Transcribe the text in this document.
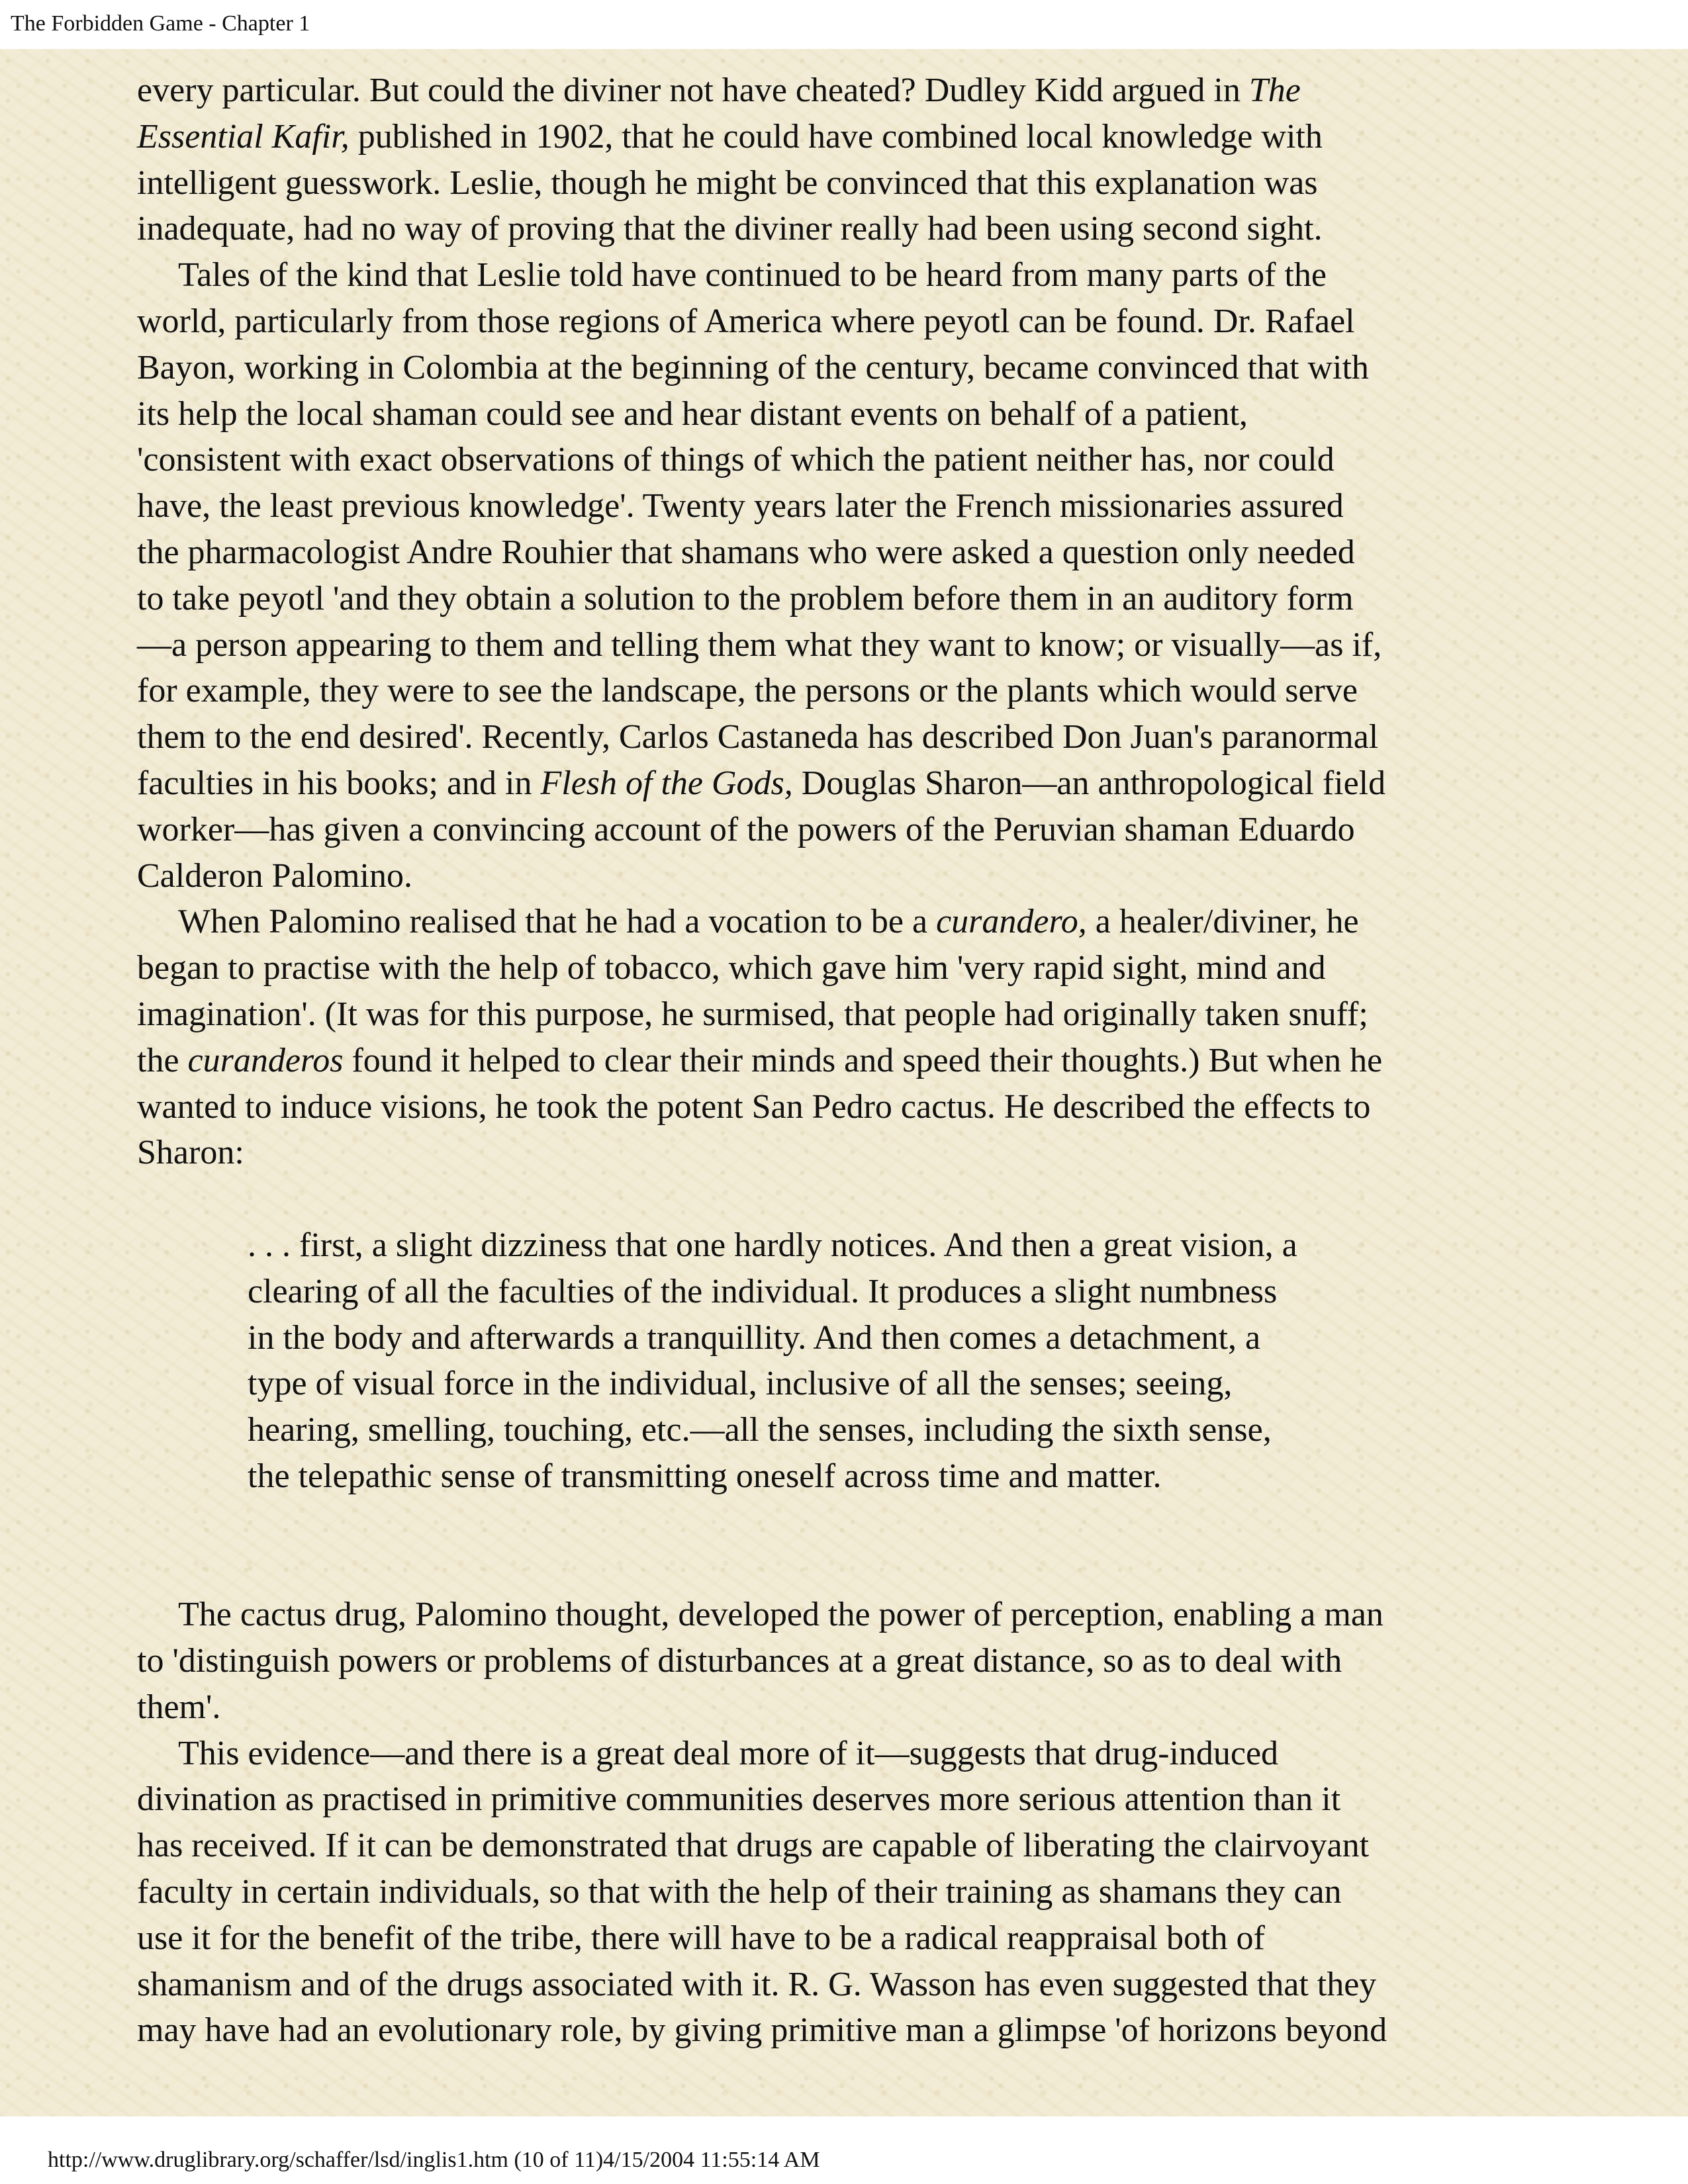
The Forbidden Game - Chapter 1
every particular. But could the diviner not have cheated? Dudley Kidd argued in The
Essential Kafir, published in 1902, that he could have combined local knowledge with
intelligent guesswork. Leslie, though he might be convinced that this explanation was
inadequate, had no way of proving that the diviner really had been using second sight.
Tales of the kind that Leslie told have continued to be heard from many parts of the
world, particularly from those regions of America where peyotl can be found. Dr. Rafael
Bayon, working in Colombia at the beginning of the century, became convinced that with
its help the local shaman could see and hear distant events on behalf of a patient,
'consistent with exact observations of things of which the patient neither has, nor could
have, the least previous knowledge'. Twenty years later the French missionaries assured
the pharmacologist Andre Rouhier that shamans who were asked a question only needed
to take peyotl 'and they obtain a solution to the problem before them in an auditory form
—a person appearing to them and telling them what they want to know; or visually—as if,
for example, they were to see the landscape, the persons or the plants which would serve
them to the end desired'. Recently, Carlos Castaneda has described Don Juan's paranormal
faculties in his books; and in Flesh of the Gods, Douglas Sharon—an anthropological field
worker—has given a convincing account of the powers of the Peruvian shaman Eduardo
Calderon Palomino.
When Palomino realised that he had a vocation to be a curandero, a healer/diviner, he
began to practise with the help of tobacco, which gave him 'very rapid sight, mind and
imagination'. (It was for this purpose, he surmised, that people had originally taken snuff;
the curanderos found it helped to clear their minds and speed their thoughts.) But when he
wanted to induce visions, he took the potent San Pedro cactus. He described the effects to
Sharon:
. . . first, a slight dizziness that one hardly notices. And then a great vision, a
clearing of all the faculties of the individual. It produces a slight numbness
in the body and afterwards a tranquillity. And then comes a detachment, a
type of visual force in the individual, inclusive of all the senses; seeing,
hearing, smelling, touching, etc.—all the senses, including the sixth sense,
the telepathic sense of transmitting oneself across time and matter.
The cactus drug, Palomino thought, developed the power of perception, enabling a man
to 'distinguish powers or problems of disturbances at a great distance, so as to deal with
them'.
This evidence—and there is a great deal more of it—suggests that drug-induced
divination as practised in primitive communities deserves more serious attention than it
has received. If it can be demonstrated that drugs are capable of liberating the clairvoyant
faculty in certain individuals, so that with the help of their training as shamans they can
use it for the benefit of the tribe, there will have to be a radical reappraisal both of
shamanism and of the drugs associated with it. R. G. Wasson has even suggested that they
may have had an evolutionary role, by giving primitive man a glimpse 'of horizons beyond
http://www.druglibrary.org/schaffer/lsd/inglis1.htm (10 of 11)4/15/2004 11:55:14 AM
